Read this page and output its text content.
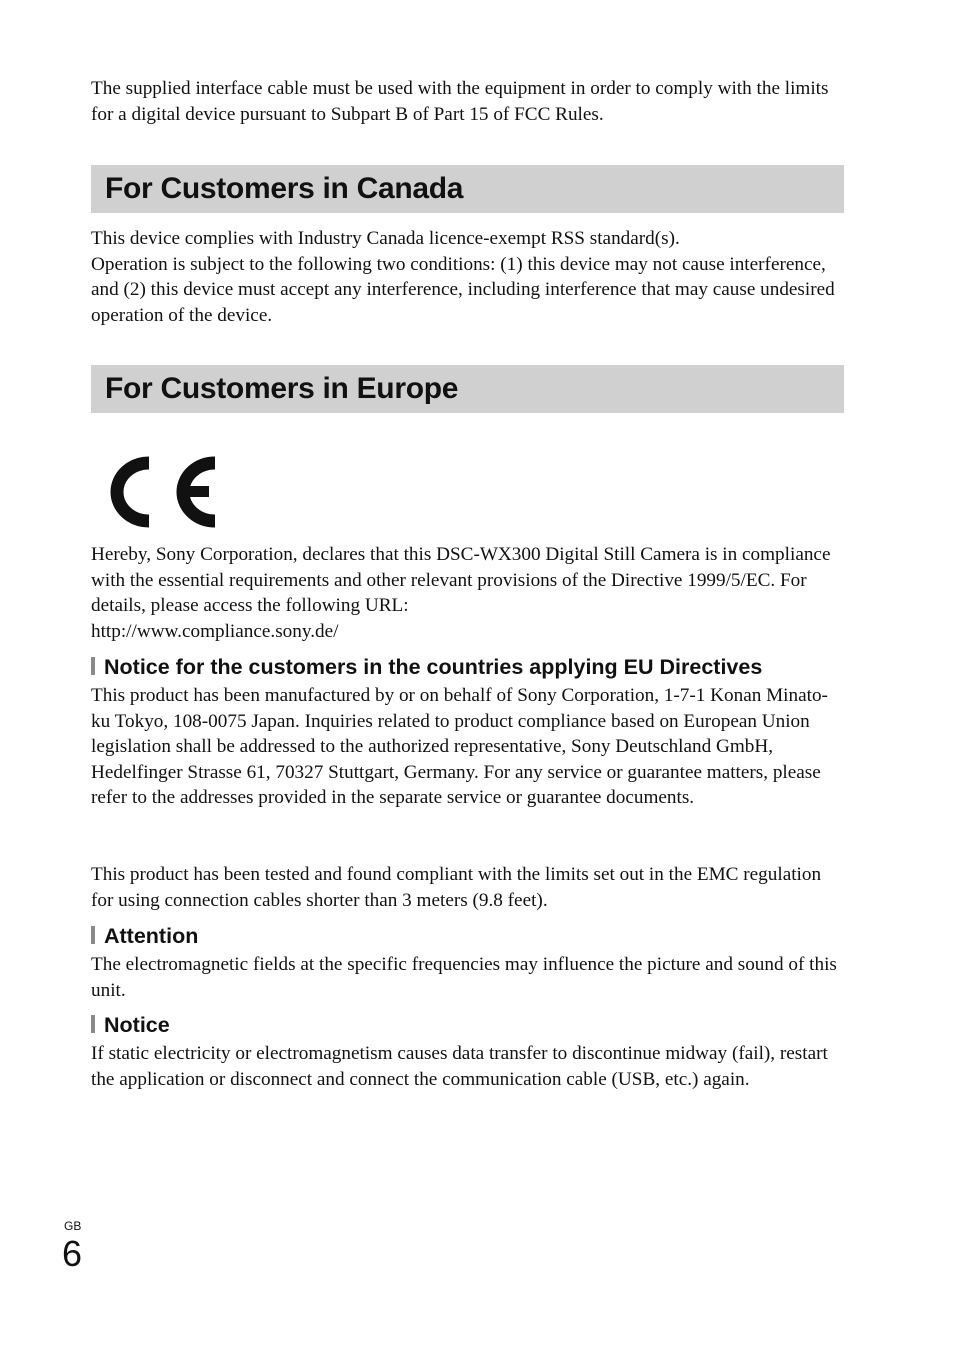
The supplied interface cable must be used with the equipment in order to comply with the limits for a digital device pursuant to Subpart B of Part 15 of FCC Rules.

For Customers in Canada

This device complies with Industry Canada licence-exempt RSS standard(s).

Operation is subject to the following two conditions: (1) this device may not cause interference, and (2) this device must accept any interference, including interference that may cause undesired operation of the device.

For Customers in Europe

Hereby, Sony Corporation, declares that this DSC-WX300 Digital Still Camera is in compliance with the essential requirements and other relevant provisions of the Directive 1999/5/EC. For details, please access the following URL:

http://www.compliance.sony.de/

Notice for the customers in the countries applying EU Directives

This product has been manufactured by or on behalf of Sony Corporation, 1-7-1 Konan Minato-ku Tokyo, 108-0075 Japan. Inquiries related to product compliance based on European Union legislation shall be addressed to the authorized representative, Sony Deutschland GmbH, Hedelfinger Strasse 61, 70327 Stuttgart, Germany. For any service or guarantee matters, please refer to the addresses provided in the separate service or guarantee documents.

This product has been tested and found compliant with the limits set out in the EMC regulation for using connection cables shorter than 3 meters (9.8 feet).

Attention

The electromagnetic fields at the specific frequencies may influence the picture and sound of this unit.

Notice

If static electricity or electromagnetism causes data transfer to discontinue midway (fail), restart the application or disconnect and connect the communication cable (USB, etc.) again.

GB
6
